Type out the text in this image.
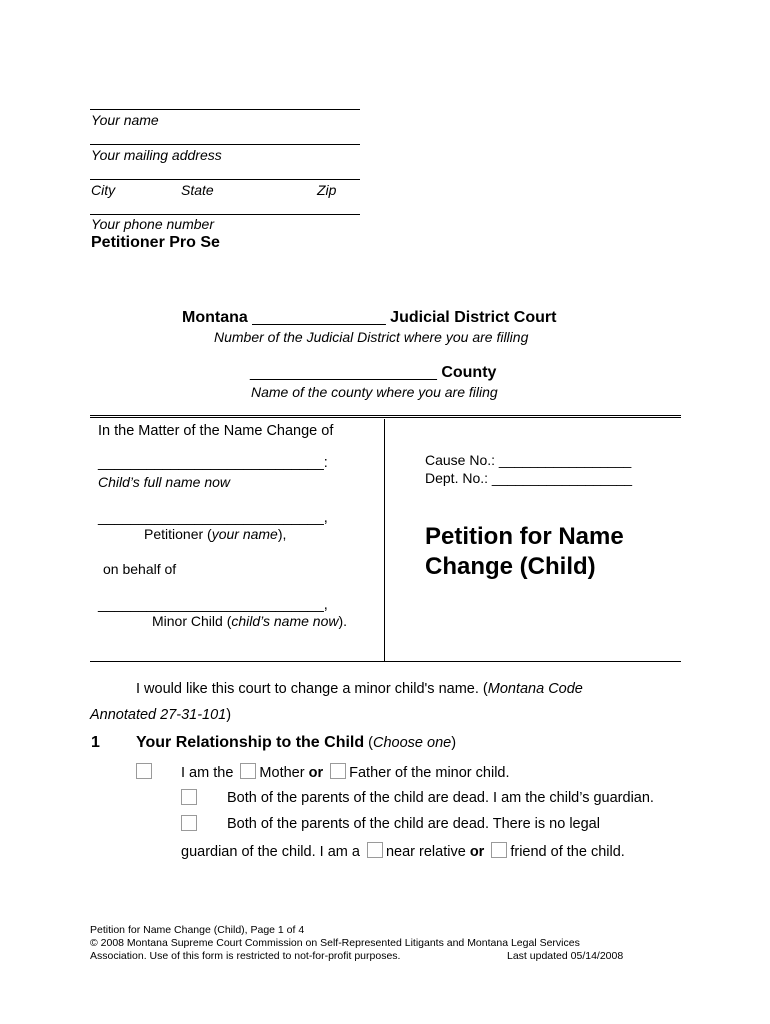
Your name
Your mailing address
City	State	Zip
Your phone number
Petitioner Pro Se
Montana _______________ Judicial District Court
Number of the Judicial District where you are filling
_____________________ County
Name of the county where you are filing
In the Matter of the Name Change of
____________________________:
Child’s full name now
____________________________,
Petitioner (your name),
on behalf of
____________________________,
Minor Child (child’s name now).
Cause No.: _________________
Dept. No.: __________________
Petition for Name
Change (Child)
I would like this court to change a minor child's name. (Montana Code
Annotated 27-31-101)
1 Your Relationship to the Child (Choose one)
I am the Mother or Father of the minor child.
Both of the parents of the child are dead. I am the child’s guardian.
Both of the parents of the child are dead. There is no legal
guardian of the child. I am a near relative or friend of the child.
Petition for Name Change (Child), Page 1 of 4
© 2008 Montana Supreme Court Commission on Self-Represented Litigants and Montana Legal Services
Association. Use of this form is restricted to not-for-profit purposes.	Last updated 05/14/2008
